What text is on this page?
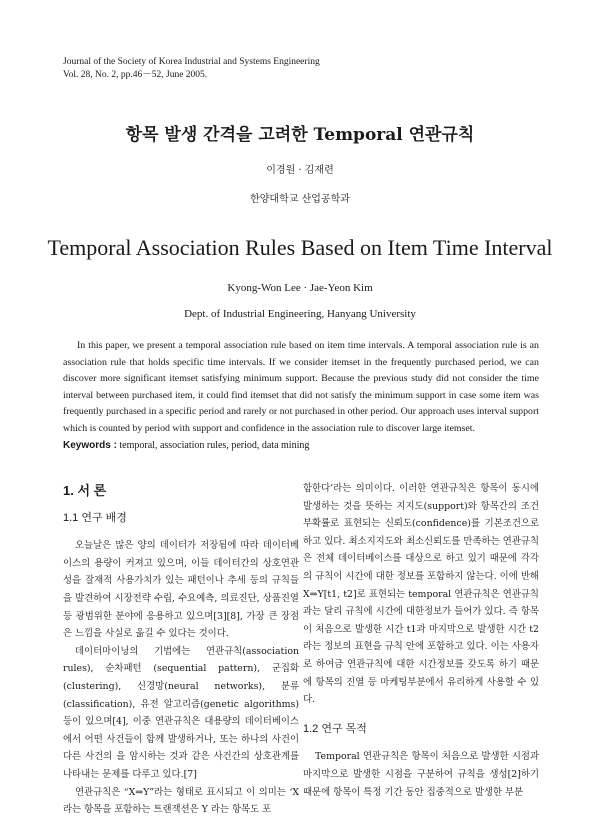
Journal of the Society of Korea Industrial and Systems Engineering
Vol. 28, No. 2, pp.46－52, June 2005.
항목 발생 간격을 고려한 Temporal 연관규칙
이경원 · 김재련
한양대학교 산업공학과
Temporal Association Rules Based on Item Time Interval
Kyong-Won Lee · Jae-Yeon Kim
Dept. of Industrial Engineering, Hanyang University
In this paper, we present a temporal association rule based on item time intervals. A temporal association rule is an association rule that holds specific time intervals. If we consider itemset in the frequently purchased period, we can discover more significant itemset satisfying minimum support. Because the previous study did not consider the time interval between purchased item, it could find itemset that did not satisfy the minimum support in case some item was frequently purchased in a specific period and rarely or not purchased in other period. Our approach uses interval support which is counted by period with support and confidence in the association rule to discover large itemset.
Keywords : temporal, association rules, period, data mining

1. 서 론

1.1 연구 배경

오늘날은 많은 양의 데이터가 저장됨에 따라 데이터베이스의 용량이 커져고 있으며, 이들 데이터간의 상호연관성을 잘재적 사용가치가 있는 패턴이나 추세 등의 규칙들을 발견하여 시장전략 수립, 수요예측, 의료진단, 상품진열 등 광범위한 분야에 응용하고 있으며[3][8], 가장 큰 장점은 느낌을 사실로 옮길 수 있다는 것이다.

데이터마이닝의 기법에는 연관규칙(association rules), 순차패턴 (sequential pattern), 군집화(clustering), 신경망(neural networks), 분류(classification), 유전 알고리즘(genetic algorithms)등이 있으며[4], 이중 연관규칙은 대용량의 데이터베이스에서 어떤 사건들이 함께 발생하거나, 또는 하나의 사건이 다른 사건의 을 암시하는 것과 같은 사건간의 상호관계를 나타내는 문제를 다루고 있다.[7]

연관규칙은 “X⇒Y”라는 형태로 표시되고 이 의미는 ‘X 라는 항목을 포함하는 트랜잭션은 Y 라는 항목도 포

함한다’라는 의미이다. 이러한 연관규칙은 항목이 동시에 발생하는 것을 뜻하는 지지도(support)와 항목간의 조건부확률로 표현되는 신뢰도(confidence)를 기본조건으로 하고 있다. 최소지지도와 최소신뢰도를 만족하는 연관규칙은 전체 데이터베이스를 대상으로 하고 있기 때문에 각각의 규칙이 시간에 대한 정보를 포함하지 않는다. 이에 반해 X⇒Y[t1, t2]로 표현되는 temporal 연관규칙은 연관규칙과는 달리 규칙에 시간에 대한정보가 들어가 있다. 즉 항목이 처음으로 발생한 시간 t1과 마지막으로 발생한 시간 t2라는 정보의 표현을 규칙 안에 포함하고 있다. 이는 사용자로 하여금 연관규칙에 대한 시간정보를 갖도록 하기 때문에 항목의 진열 등 마케팅부분에서 유리하게 사용할 수 있다.

1.2 연구 목적

Temporal 연관규칙은 항목이 처음으로 발생한 시점과 마지막으로 발생한 시점을 구분하여 규칙을 생성[2]하기 때문에 항목이 특정 기간 동안 집중적으로 발생한 부분
